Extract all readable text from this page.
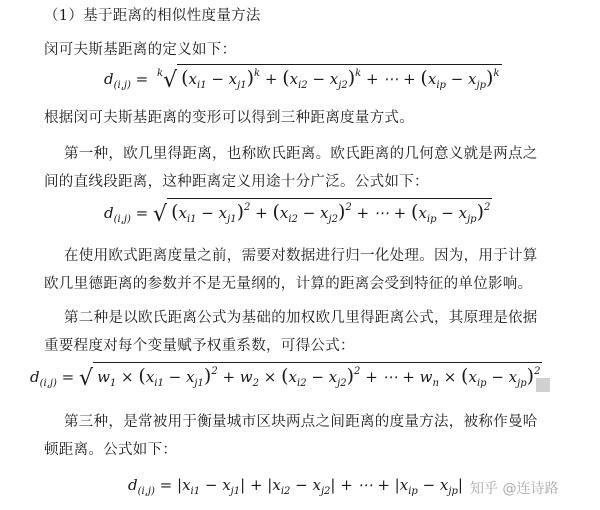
（1）基于距离的相似性度量方法
闵可夫斯基距离的定义如下：
$d_{(i,j)} = ^k√$ $(x_{i1} - x_{j1})^k + (x_{i2} - x_{j2})^k$ + ⋯ + $(x_{ip} - x_{jp})^k$
根据闵可夫斯基距离的变形可以得到三种距离度量方式。
第一种，欧几里得距离，也称欧氏距离。欧氏距离的几何意义就是两点之
间的直线段距离，这种距离定义用途十分广泛。公式如下：
$d_{(i,j)}$ = √ $(x_{i1} - x_{j1})^2 + (x_{i2} - x_{j2})^2$ + ⋯ + $(x_{ip} - x_{jp})^2$
在使用欧式距离度量之前，需要对数据进行归一化处理。因为，用于计算
欧几里德距离的参数并不是无量纲的，计算的距离会受到特征的单位影响。
第二种是以欧氏距离公式为基础的加权欧几里得距离公式，其原理是依据
重要程度对每个变量赋予权重系数，可得公式：
$d_{(i,j)} = √w_1 \times (x_{i1} - x_{j1})^2 + w_2 \times (x_{i2} - x_{j2})^2$ + ⋯ + $w_n \times (x_{ip} - x_{jp})^2$
第三种，是常被用于衡量城市区块两点之间距离的度量方法，被称作曼哈
顿距离。公式如下：
$d_{(i,j)} = |x_{i1} - x_{j1}| + |x_{i2} - x_{j2}|$ + ⋯ + $|x_{ip} - x_{jp}|$ 知乎 @连诗路
